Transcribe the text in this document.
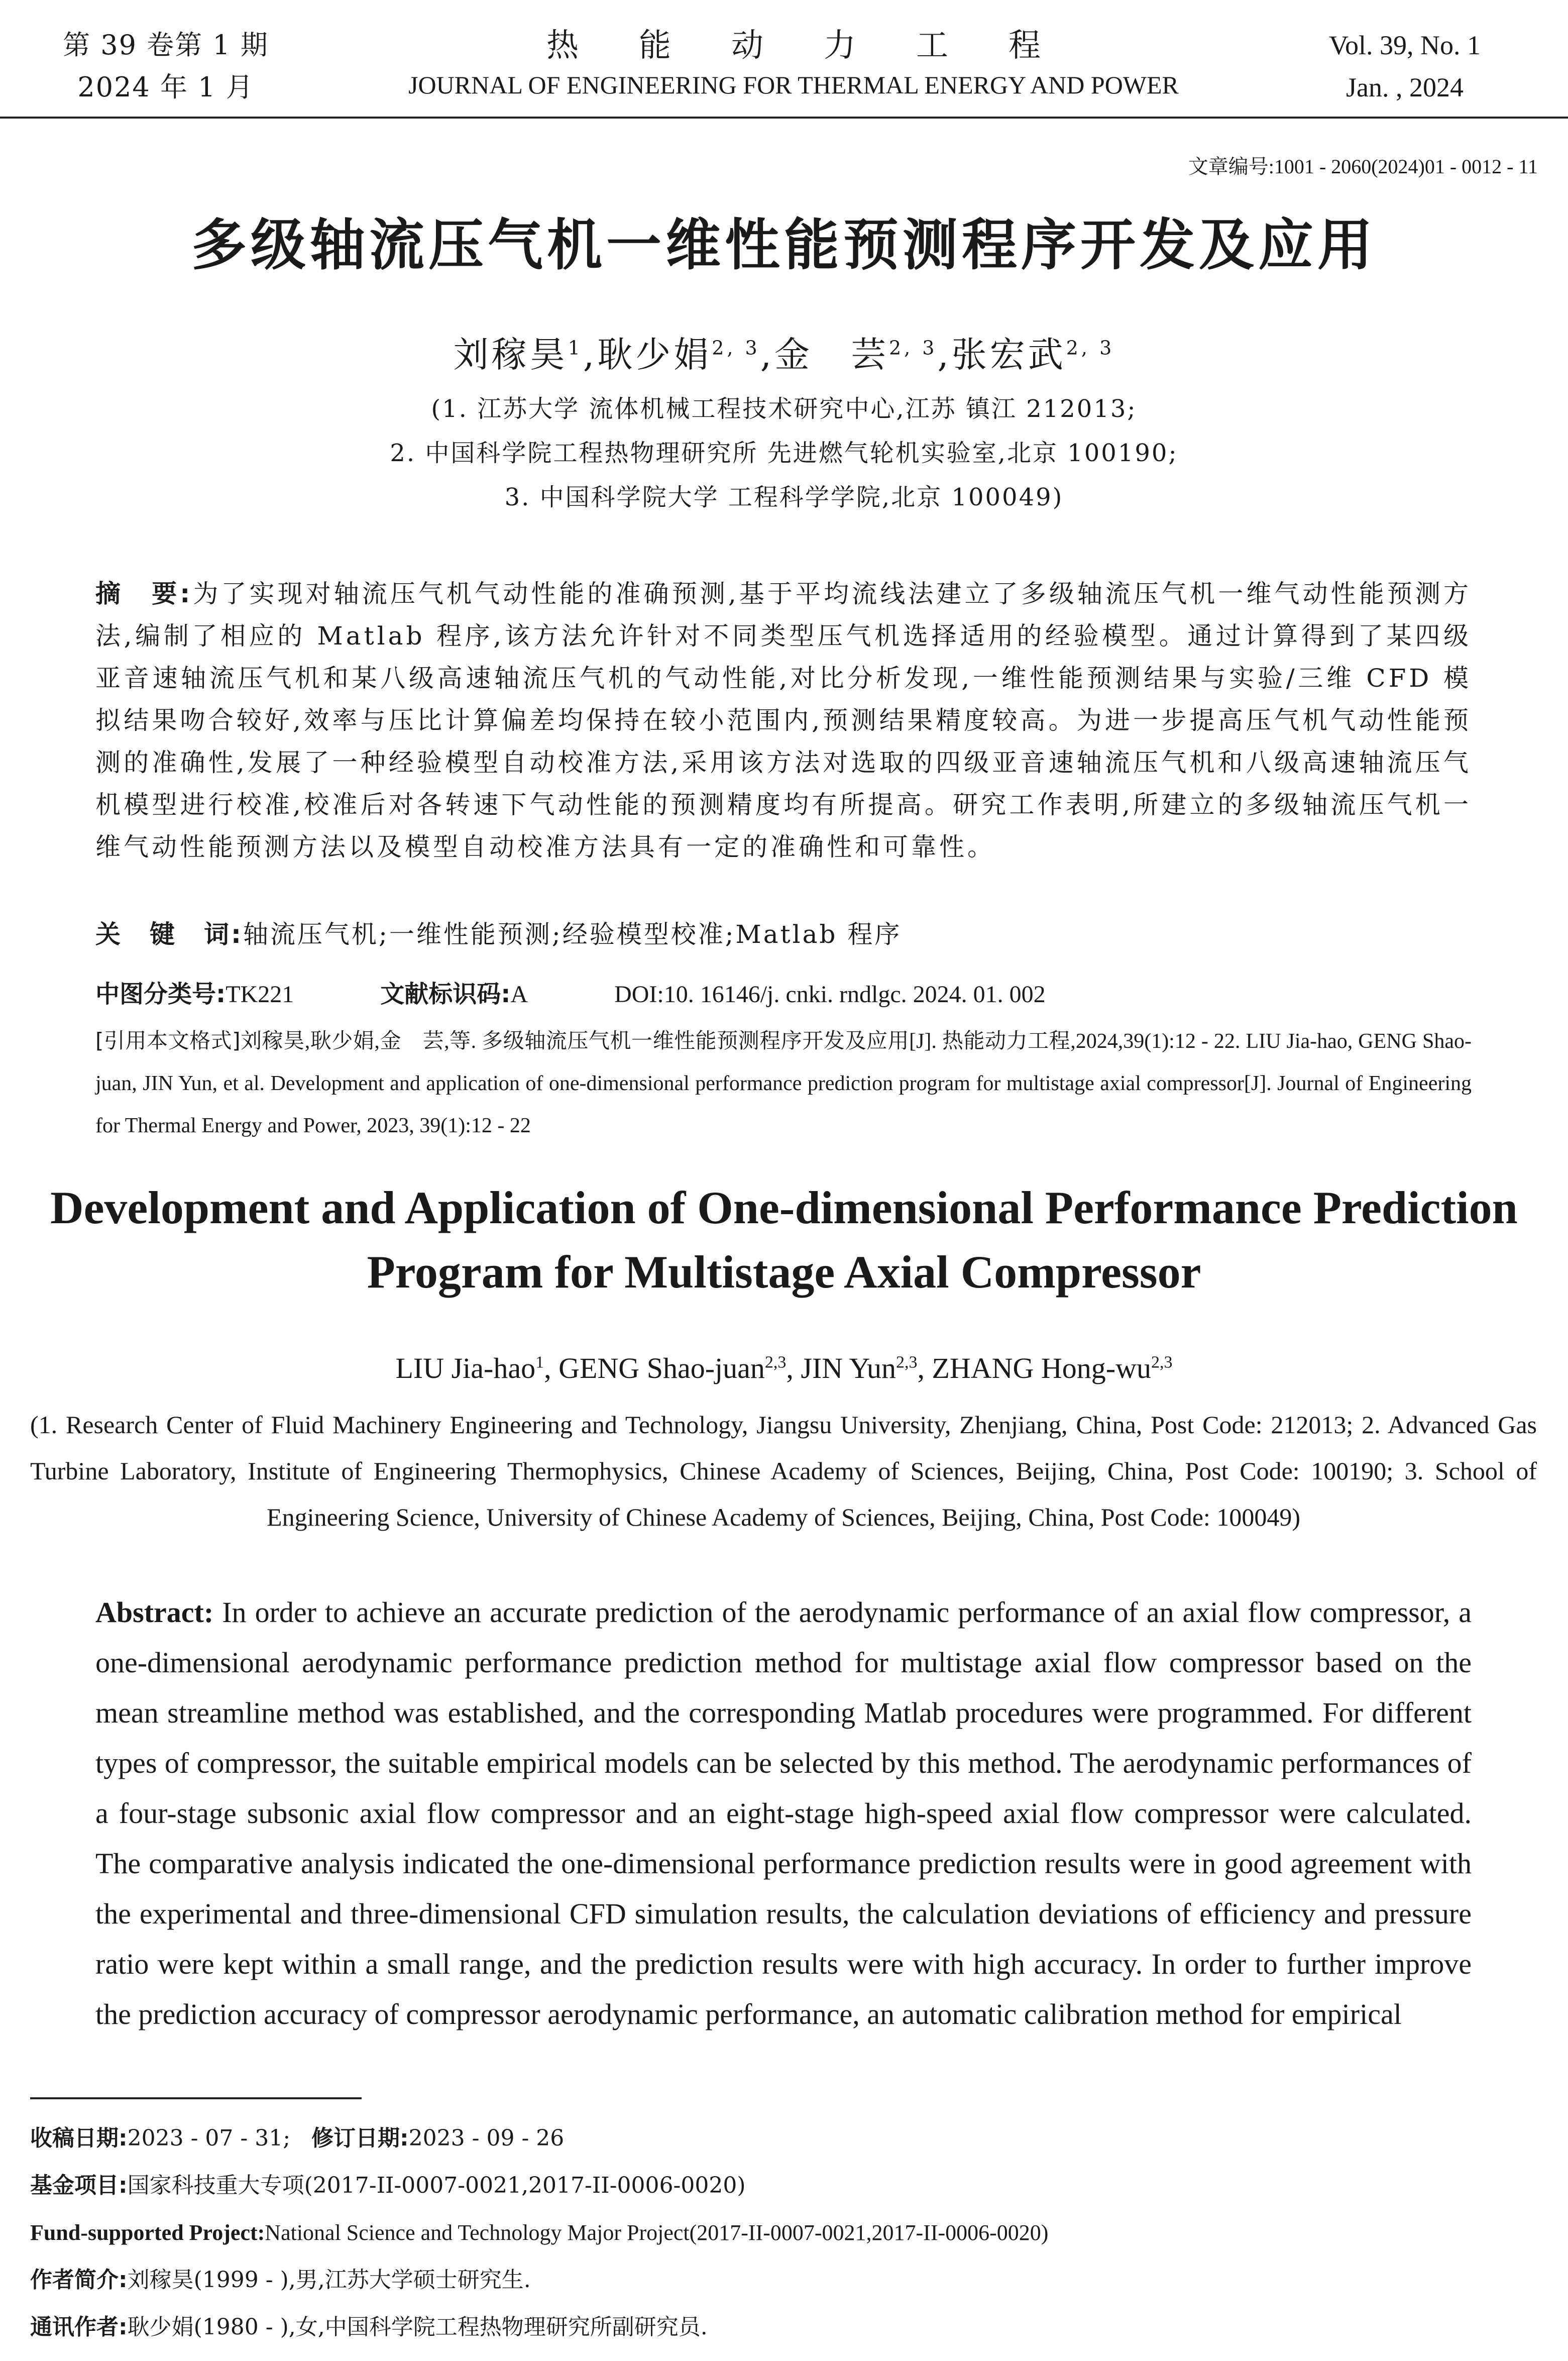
第 39 卷第 1 期
2024 年 1 月
热能动力工程
JOURNAL OF ENGINEERING FOR THERMAL ENERGY AND POWER
Vol. 39, No. 1
Jan. , 2024
文章编号:1001 - 2060(2024)01 - 0012 - 11
多级轴流压气机一维性能预测程序开发及应用
刘稼昊$^1$,耿少娟$^{2, 3}$,金　芸$^{2, 3}$,张宏武$^{2, 3}$
(1. 江苏大学 流体机械工程技术研究中心,江苏 镇江 212013;
2. 中国科学院工程热物理研究所 先进燃气轮机实验室,北京 100190;
3. 中国科学院大学 工程科学学院,北京 100049)
摘　要:为了实现对轴流压气机气动性能的准确预测,基于平均流线法建立了多级轴流压气机一维气动性能预测方法,编制了相应的 Matlab 程序,该方法允许针对不同类型压气机选择适用的经验模型。通过计算得到了某四级亚音速轴流压气机和某八级高速轴流压气机的气动性能,对比分析发现,一维性能预测结果与实验/三维 CFD 模拟结果吻合较好,效率与压比计算偏差均保持在较小范围内,预测结果精度较高。为进一步提高压气机气动性能预测的准确性,发展了一种经验模型自动校准方法,采用该方法对选取的四级亚音速轴流压气机和八级高速轴流压气机模型进行校准,校准后对各转速下气动性能的预测精度均有所提高。研究工作表明,所建立的多级轴流压气机一维气动性能预测方法以及模型自动校准方法具有一定的准确性和可靠性。
关　键　词:轴流压气机;一维性能预测;经验模型校准;Matlab 程序
中图分类号:TK221	文献标识码:A	DOI:10. 16146/j. cnki. rndlgc. 2024. 01. 002
[引用本文格式]刘稼昊,耿少娟,金　芸,等. 多级轴流压气机一维性能预测程序开发及应用[J]. 热能动力工程,2024,39(1):12 - 22. LIU Jia-hao, GENG Shao-juan, JIN Yun, et al. Development and application of one-dimensional performance prediction program for multistage axial compressor[J]. Journal of Engineering for Thermal Energy and Power, 2023, 39(1):12 - 22
Development and Application of One-dimensional Performance Prediction
Program for Multistage Axial Compressor
LIU Jia-hao$^1$, GENG Shao-juan$^{2,3}$, JIN Yun$^{2,3}$, ZHANG Hong-wu$^{2,3}$
(1. Research Center of Fluid Machinery Engineering and Technology, Jiangsu University, Zhenjiang, China, Post Code: 212013; 2. Advanced Gas Turbine Laboratory, Institute of Engineering Thermophysics, Chinese Academy of Sciences, Beijing, China, Post Code: 100190; 3. School of Engineering Science, University of Chinese Academy of Sciences, Beijing, China, Post Code: 100049)
Abstract: In order to achieve an accurate prediction of the aerodynamic performance of an axial flow compressor, a one-dimensional aerodynamic performance prediction method for multistage axial flow compressor based on the mean streamline method was established, and the corresponding Matlab procedures were programmed. For different types of compressor, the suitable empirical models can be selected by this method. The aerodynamic performances of a four-stage subsonic axial flow compressor and an eight-stage high-speed axial flow compressor were calculated. The comparative analysis indicated the one-dimensional performance prediction results were in good agreement with the experimental and three-dimensional CFD simulation results, the calculation deviations of efficiency and pressure ratio were kept within a small range, and the prediction results were with high accuracy. In order to further improve the prediction accuracy of compressor aerodynamic performance, an automatic calibration method for empirical
收稿日期:2023 - 07 - 31; 修订日期:2023 - 09 - 26
基金项目:国家科技重大专项(2017-II-0007-0021,2017-II-0006-0020)
Fund-supported Project:National Science and Technology Major Project(2017-II-0007-0021,2017-II-0006-0020)
作者简介:刘稼昊(1999 - ),男,江苏大学硕士研究生.
通讯作者:耿少娟(1980 - ),女,中国科学院工程热物理研究所副研究员.
